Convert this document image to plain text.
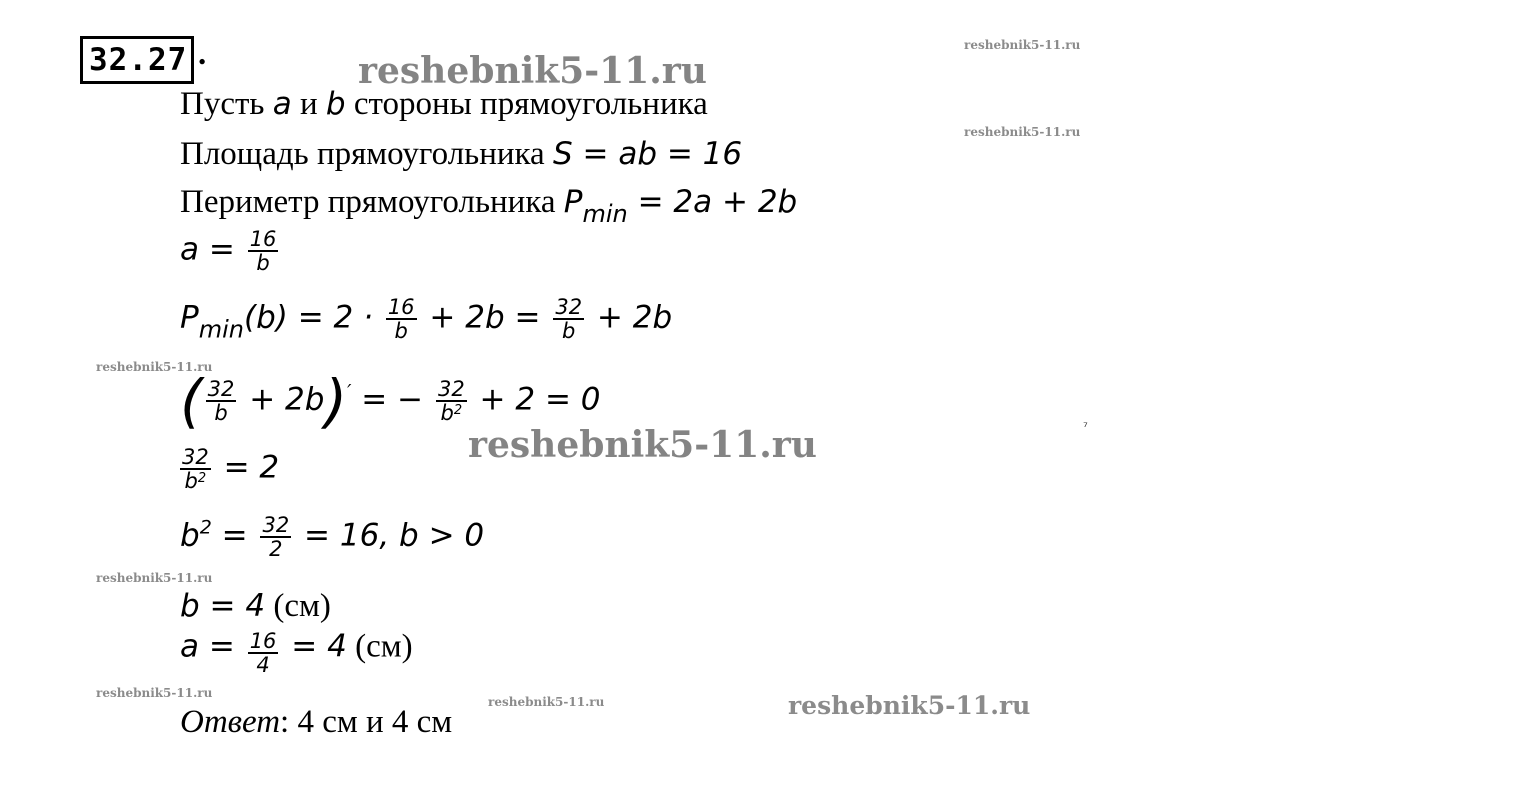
32.27 .
Пусть a и b стороны прямоугольника
Площадь прямоугольника S = ab = 16
Периметр прямоугольника $P_{min} = 2a + 2b$
$a = \frac{16}{b}$
$P_{min}(b) = 2 \cdot \frac{16}{b} + 2b = \frac{32}{b} + 2b$
( $\frac{32}{b} + 2b)'$ = − $\frac{32}{b^2} + 2 = 0$
$\frac{32}{b^2} = 2$
$b^2 = \frac{32}{2} = 16$, b > 0
b = 4 (см)
$a = \frac{16}{4} = 4$ (см)
Ответ: 4 см и 4 см
reshebnik5-11.ru
reshebnik5-11.ru
reshebnik5-11.ru
reshebnik5-11.ru
reshebnik5-11.ru
reshebnik5-11.ru
reshebnik5-11.ru
reshebnik5-11.ru
reshebnik5-11.ru
⁷
